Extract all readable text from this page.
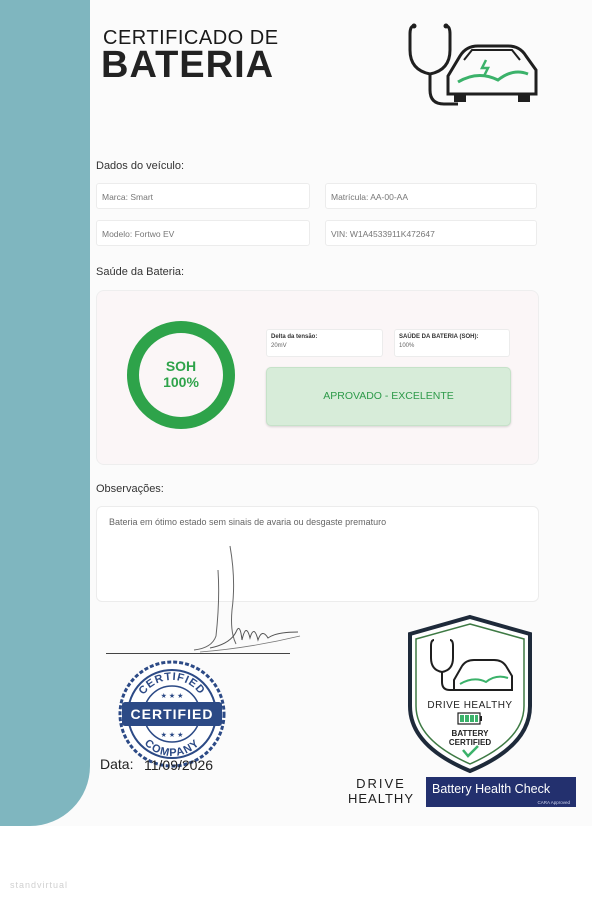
CERTIFICADO DE
BATERIA
Dados do veículo:
Marca: Smart	Matrícula: AA-00-AA
Modelo: Fortwo EV	VIN: W1A4533911K472647
Saúde da Bateria:
SOH
100%
Delta da tensão:
20mV
SAÚDE DA BATERIA (SOH):
100%
APROVADO - EXCELENTE
Observações:
Bateria em ótimo estado sem sinais de avaria ou desgaste prematuro
CERTIFIED
COMPANY
CERTIFIED
★ ★ ★
★ ★ ★
Data: 11/09/2026
DRIVE HEALTHY
BATTERY
CERTIFIED
DRIVE
HEALTHY
Battery Health Check
CARA Approved
standvirtual
